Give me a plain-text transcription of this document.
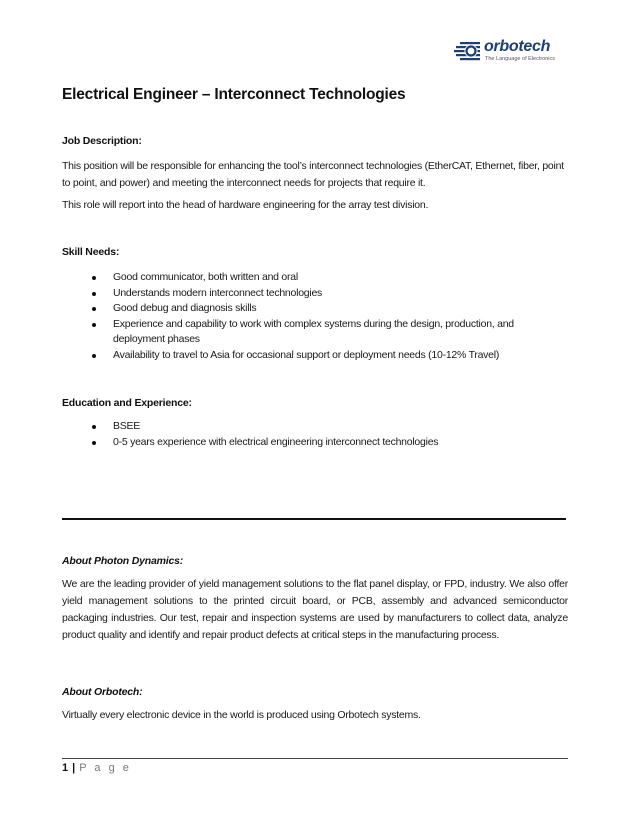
orbotech
The Language of Electronics
Electrical Engineer – Interconnect Technologies
Job Description:
This position will be responsible for enhancing the tool’s interconnect technologies (EtherCAT, Ethernet, fiber, point to point, and power) and meeting the interconnect needs for projects that require it.
This role will report into the head of hardware engineering for the array test division.
Skill Needs:
Good communicator, both written and oral
Understands modern interconnect technologies
Good debug and diagnosis skills
Experience and capability to work with complex systems during the design, production, and deployment phases
Availability to travel to Asia for occasional support or deployment needs (10-12% Travel)
Education and Experience:
BSEE
0-5 years experience with electrical engineering interconnect technologies
About Photon Dynamics:
We are the leading provider of yield management solutions to the flat panel display, or FPD, industry. We also offer yield management solutions to the printed circuit board, or PCB, assembly and advanced semiconductor packaging industries. Our test, repair and inspection systems are used by manufacturers to collect data, analyze product quality and identify and repair product defects at critical steps in the manufacturing process.
About Orbotech:
Virtually every electronic device in the world is produced using Orbotech systems.
1 | P a g e
